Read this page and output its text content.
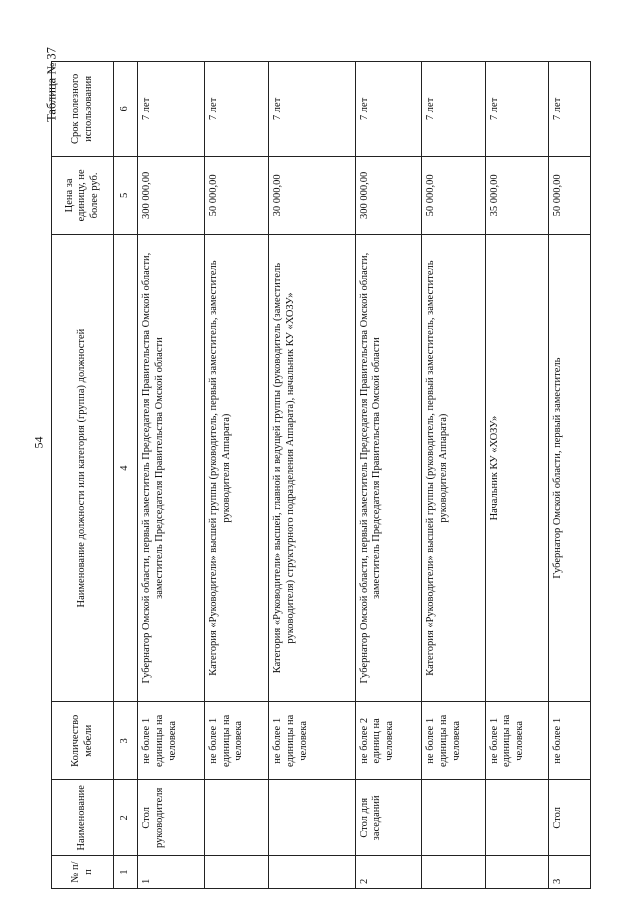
54
Таблица № 37
№ п/п	Наименование	Количество мебели	Наименование должности или категория (группа) должностей	Цена за единицу, не более руб.	Срок полезного использования
1	2	3	4	5	6
1	Стол руководителя	не более 1 единицы на человека	Губернатор Омской области, первый заместитель Председателя Правительства Омской области, заместитель Председателя Правительства Омской области	300 000,00	7 лет
		не более 1 единицы на человека	Категория «Руководители» высшей группы (руководитель, первый заместитель, заместитель руководителя Аппарата)	50 000,00	7 лет
		не более 1 единицы на человека	Категория «Руководители» высшей, главной и ведущей группы (руководитель (заместитель руководителя) структурного подразделения Аппарата), начальник КУ «ХОЗУ»	30 000,00	7 лет
2	Стол для заседаний	не более 2 единиц на человека	Губернатор Омской области, первый заместитель Председателя Правительства Омской области, заместитель Председателя Правительства Омской области	300 000,00	7 лет
		не более 1 единицы на человека	Категория «Руководители» высшей группы (руководитель, первый заместитель, заместитель руководителя Аппарата)	50 000,00	7 лет
		не более 1 единицы на человека	Начальник КУ «ХОЗУ»	35 000,00	7 лет
3	Стол	не более 1	Губернатор Омской области, первый заместитель	50 000,00	7 лет
